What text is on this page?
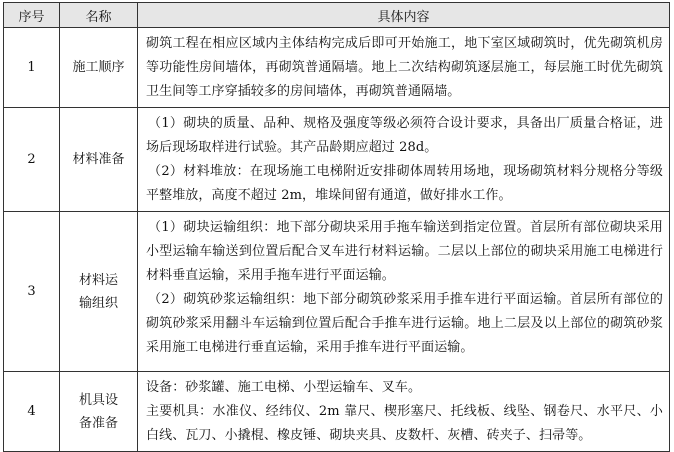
序号	名称	具体内容
1	施工顺序	砌筑工程在相应区域内主体结构完成后即可开始施工，地下室区域砌筑时，优先砌筑机房等功能性房间墙体，再砌筑普通隔墙。地上二次结构砌筑逐层施工，每层施工时优先砌筑卫生间等工序穿插较多的房间墙体，再砌筑普通隔墙。

2	材料准备	（1）砌块的质量、品种、规格及强度等级必须符合设计要求，具备出厂质量合格证，进场后现场取样进行试验。其产品龄期应超过 28d。

（2）材料堆放：在现场施工电梯附近安排砌体周转用场地，现场砌筑材料分规格分等级平整堆放，高度不超过 2m，堆垛间留有通道，做好排水工作。

3	材料运输组织	（1）砌块运输组织：地下部分砌块采用手拖车输送到指定位置。首层所有部位砌块采用小型运输车输送到位置后配合叉车进行材料运输。二层以上部位的砌块采用施工电梯进行材料垂直运输，采用手拖车进行平面运输。

（2）砌筑砂浆运输组织：地下部分砌筑砂浆采用手推车进行平面运输。首层所有部位的砌筑砂浆采用翻斗车运输到位置后配合手推车进行运输。地上二层及以上部位的砌筑砂浆采用施工电梯进行垂直运输，采用手推车进行平面运输。

4	机具设备准备	设备：砂浆罐、施工电梯、小型运输车、叉车。

主要机具：水准仪、经纬仪、2m 靠尺、楔形塞尺、托线板、线坠、钢卷尺、水平尺、小白线、瓦刀、小撬棍、橡皮锤、砌块夹具、皮数杆、灰槽、砖夹子、扫帚等。
